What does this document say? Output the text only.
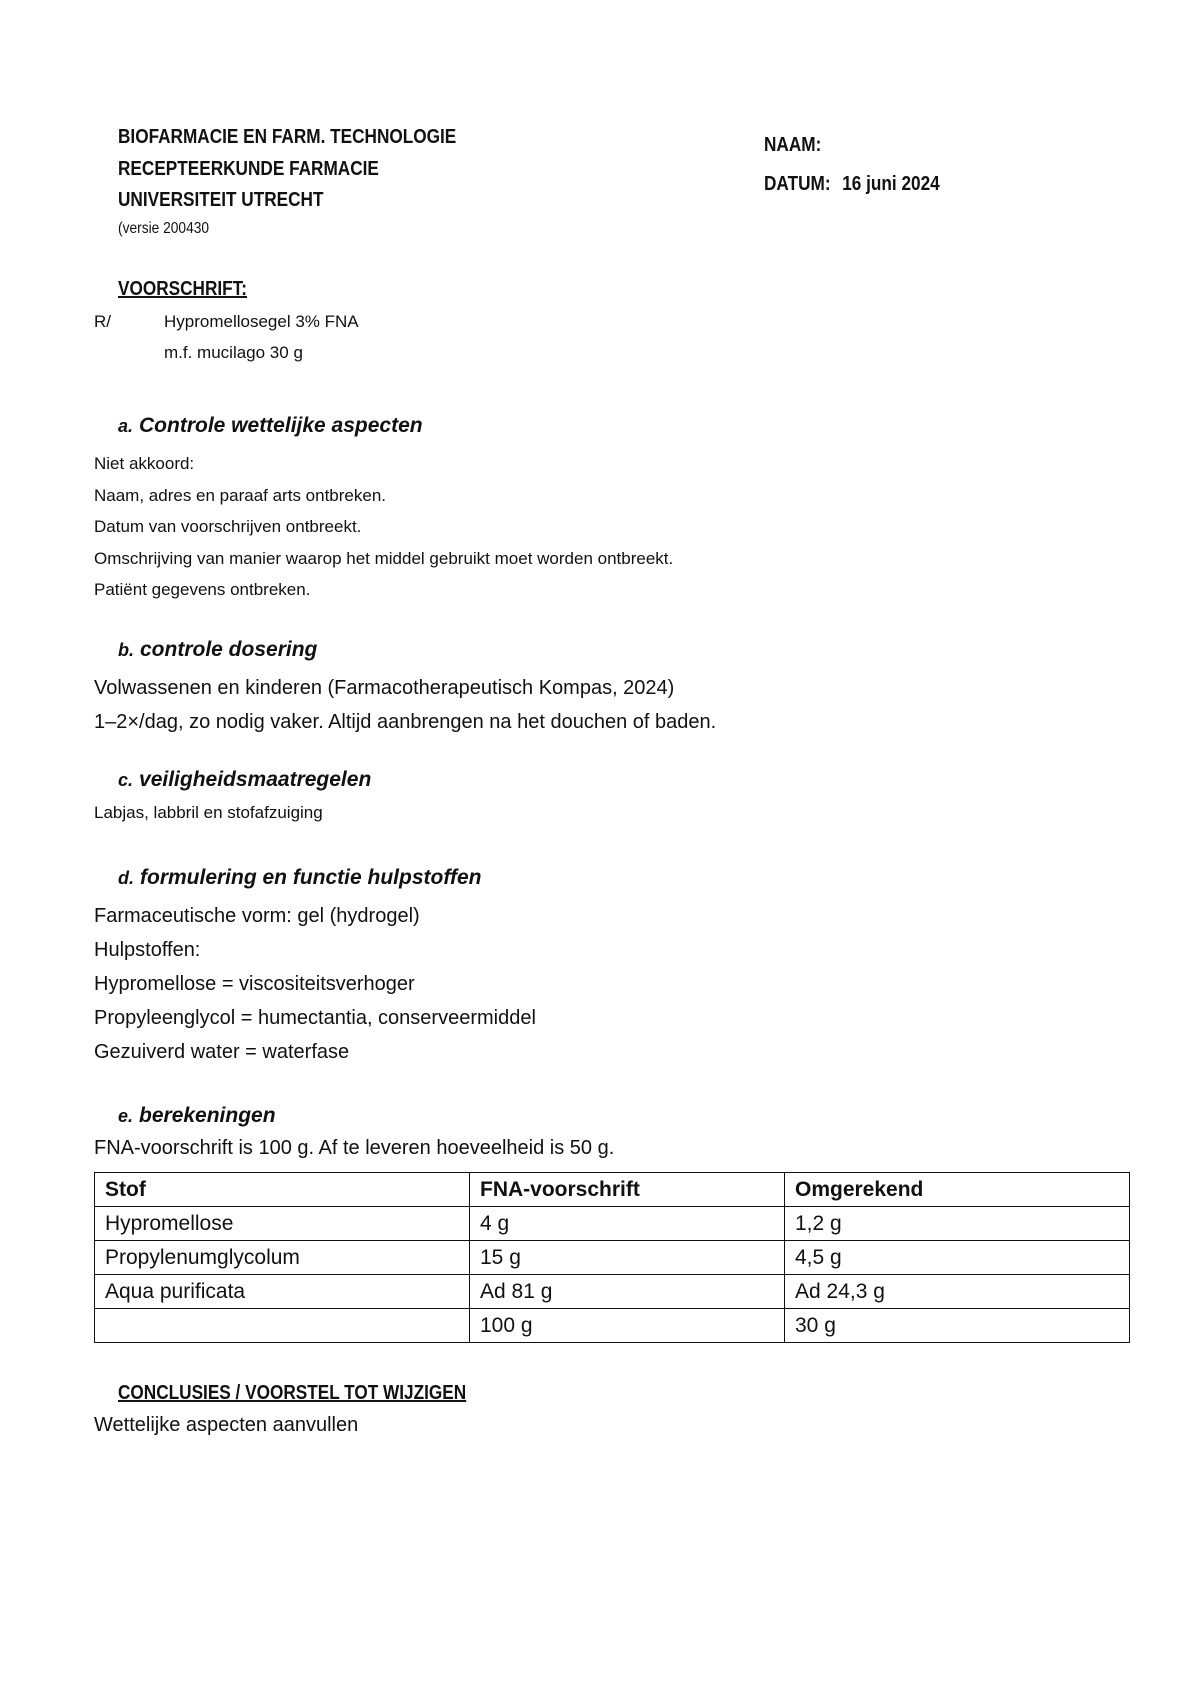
BIOFARMACIE EN FARM. TECHNOLOGIE
RECEPTEERKUNDE FARMACIE
UNIVERSITEIT UTRECHT
(versie 200430
NAAM:
DATUM: 16 juni 2024
VOORSCHRIFT:
R/	Hypromellosegel 3% FNA
m.f. mucilago 30 g
a. Controle wettelijke aspecten
Niet akkoord:
Naam, adres en paraaf arts ontbreken.
Datum van voorschrijven ontbreekt.
Omschrijving van manier waarop het middel gebruikt moet worden ontbreekt.
Patiënt gegevens ontbreken.
b. controle dosering
Volwassenen en kinderen (Farmacotherapeutisch Kompas, 2024)
1–2×/dag, zo nodig vaker. Altijd aanbrengen na het douchen of baden.
c. veiligheidsmaatregelen
Labjas, labbril en stofafzuiging
d. formulering en functie hulpstoffen
Farmaceutische vorm: gel (hydrogel)
Hulpstoffen:
Hypromellose = viscositeitsverhoger
Propyleenglycol = humectantia, conserveermiddel
Gezuiverd water = waterfase
e. berekeningen
FNA-voorschrift is 100 g. Af te leveren hoeveelheid is 50 g.
Stof	FNA-voorschrift	Omgerekend
Hypromellose	4 g	1,2 g
Propylenumglycolum	15 g	4,5 g
Aqua purificata	Ad 81 g	Ad 24,3 g
	100 g	30 g
CONCLUSIES / VOORSTEL TOT WIJZIGEN
Wettelijke aspecten aanvullen
